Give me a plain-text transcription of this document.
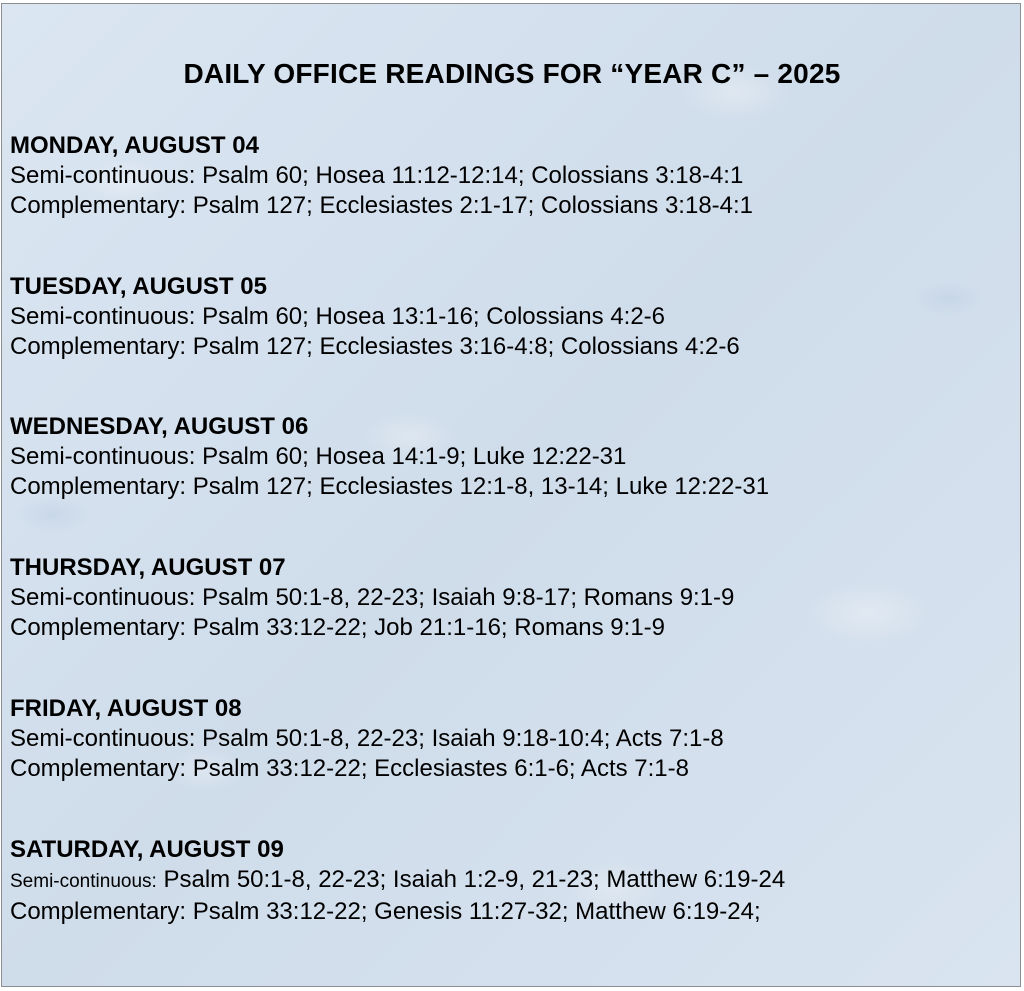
DAILY OFFICE READINGS FOR “YEAR C” – 2025

MONDAY, AUGUST 04

Semi-continuous: Psalm 60; Hosea 11:12-12:14; Colossians 3:18-4:1

Complementary: Psalm 127; Ecclesiastes 2:1-17; Colossians 3:18-4:1

TUESDAY, AUGUST 05

Semi-continuous: Psalm 60; Hosea 13:1-16; Colossians 4:2-6

Complementary: Psalm 127; Ecclesiastes 3:16-4:8; Colossians 4:2-6

WEDNESDAY, AUGUST 06

Semi-continuous: Psalm 60; Hosea 14:1-9; Luke 12:22-31

Complementary: Psalm 127; Ecclesiastes 12:1-8, 13-14; Luke 12:22-31

THURSDAY, AUGUST 07

Semi-continuous: Psalm 50:1-8, 22-23; Isaiah 9:8-17; Romans 9:1-9

Complementary: Psalm 33:12-22; Job 21:1-16; Romans 9:1-9

FRIDAY, AUGUST 08

Semi-continuous: Psalm 50:1-8, 22-23; Isaiah 9:18-10:4; Acts 7:1-8

Complementary: Psalm 33:12-22; Ecclesiastes 6:1-6; Acts 7:1-8

SATURDAY, AUGUST 09

Semi-continuous: Psalm 50:1-8, 22-23; Isaiah 1:2-9, 21-23; Matthew 6:19-24

Complementary: Psalm 33:12-22; Genesis 11:27-32; Matthew 6:19-24;
